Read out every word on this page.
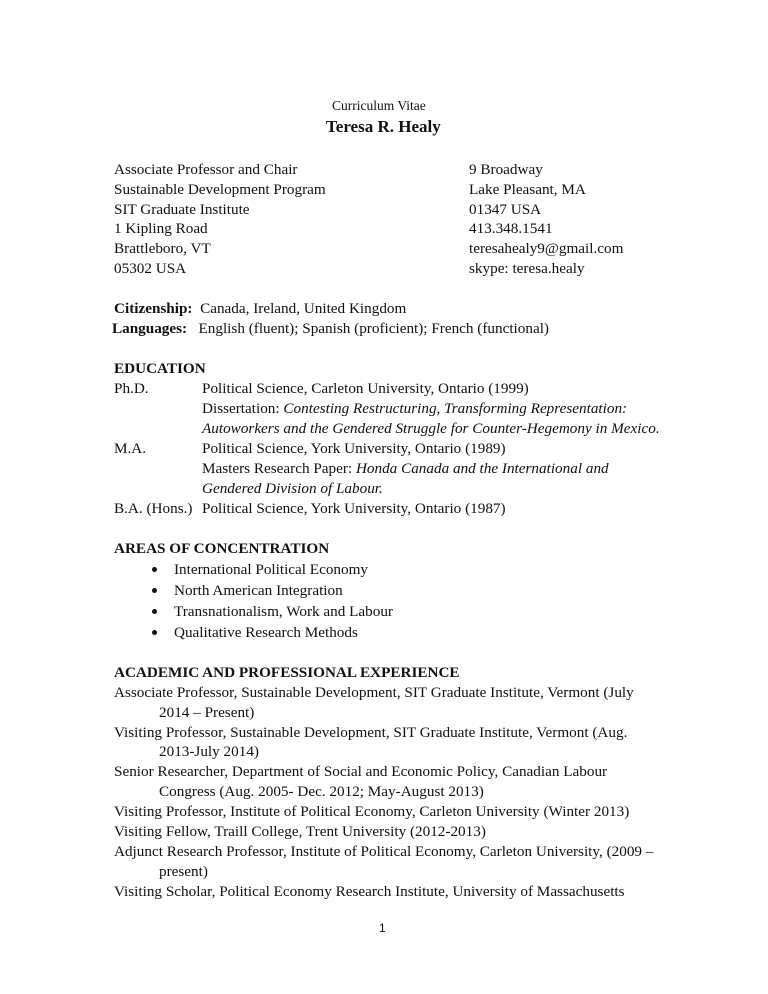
Curriculum Vitae
Teresa R. Healy
Associate Professor and Chair
Sustainable Development Program
SIT Graduate Institute
1 Kipling Road
Brattleboro, VT
05302 USA
9 Broadway
Lake Pleasant, MA
01347 USA
413.348.1541
teresahealy9@gmail.com
skype: teresa.healy
Citizenship: Canada, Ireland, United Kingdom
Languages: English (fluent); Spanish (proficient); French (functional)
EDUCATION
Ph.D.	Political Science, Carleton University, Ontario (1999)
Dissertation: Contesting Restructuring, Transforming Representation:
Autoworkers and the Gendered Struggle for Counter-Hegemony in Mexico.
M.A.	Political Science, York University, Ontario (1989)
Masters Research Paper: Honda Canada and the International and
Gendered Division of Labour.
B.A. (Hons.) Political Science, York University, Ontario (1987)
AREAS OF CONCENTRATION
International Political Economy
North American Integration
Transnationalism, Work and Labour
Qualitative Research Methods
ACADEMIC AND PROFESSIONAL EXPERIENCE
Associate Professor, Sustainable Development, SIT Graduate Institute, Vermont (July
2014 – Present)
Visiting Professor, Sustainable Development, SIT Graduate Institute, Vermont (Aug.
2013-July 2014)
Senior Researcher, Department of Social and Economic Policy, Canadian Labour
Congress (Aug. 2005- Dec. 2012; May-August 2013)
Visiting Professor, Institute of Political Economy, Carleton University (Winter 2013)
Visiting Fellow, Traill College, Trent University (2012-2013)
Adjunct Research Professor, Institute of Political Economy, Carleton University, (2009 –
present)
Visiting Scholar, Political Economy Research Institute, University of Massachusetts
1
